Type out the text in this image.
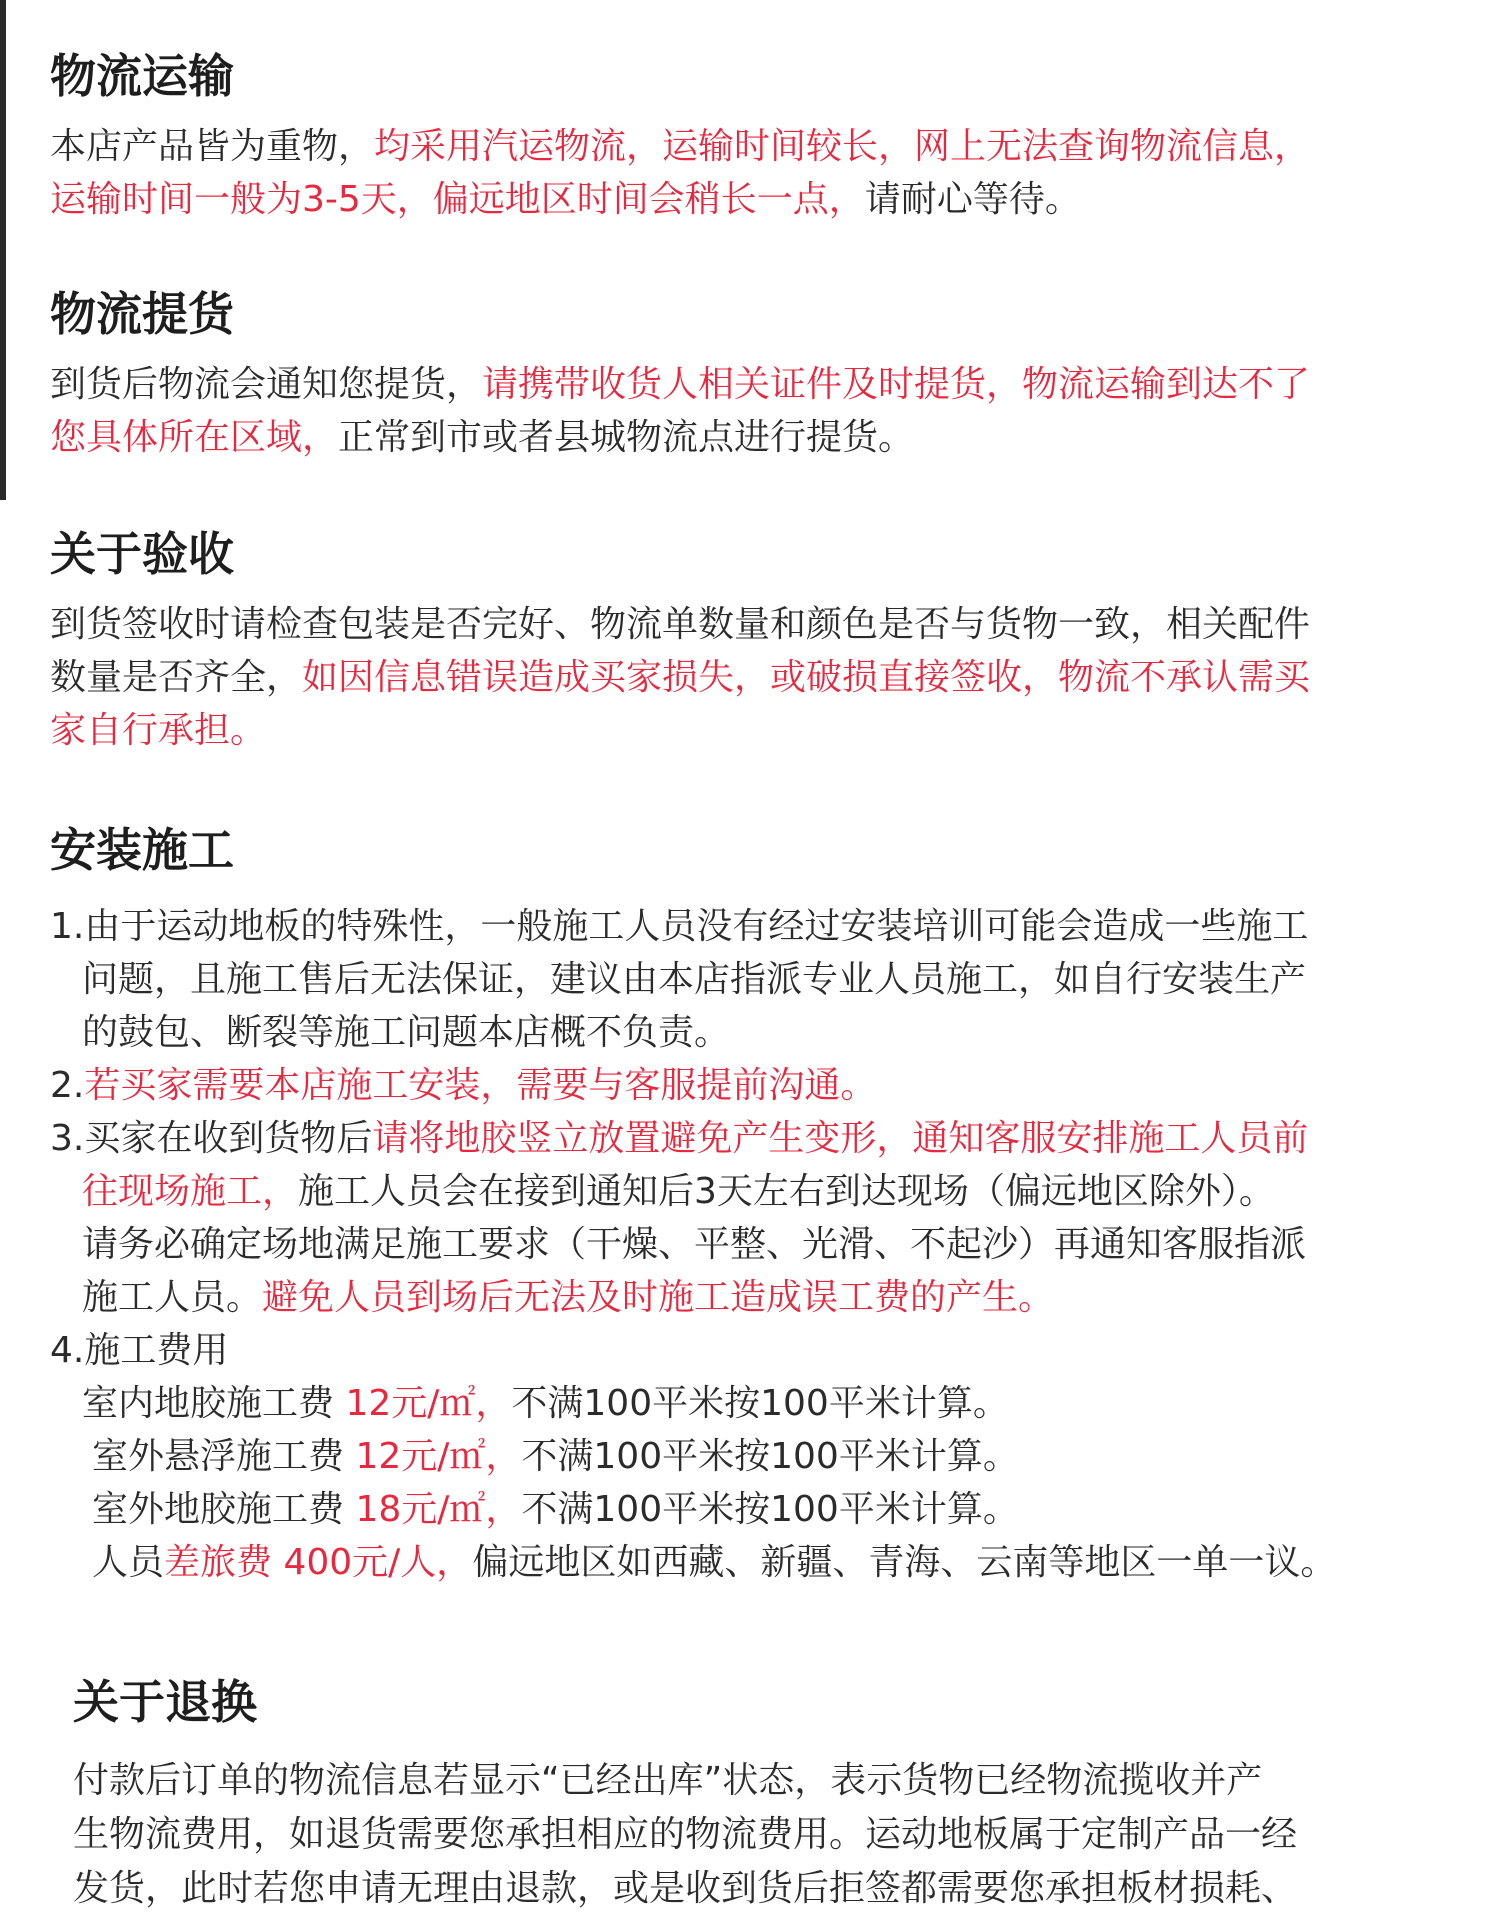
物流运输

本店产品皆为重物，均采用汽运物流，运输时间较长，网上无法查询物流信息，

运输时间一般为3-5天，偏远地区时间会稍长一点，请耐心等待。

物流提货

到货后物流会通知您提货，请携带收货人相关证件及时提货，物流运输到达不了

您具体所在区域，正常到市或者县城物流点进行提货。

关于验收

到货签收时请检查包装是否完好、物流单数量和颜色是否与货物一致，相关配件

数量是否齐全，如因信息错误造成买家损失，或破损直接签收，物流不承认需买

家自行承担。

安装施工

1.由于运动地板的特殊性，一般施工人员没有经过安装培训可能会造成一些施工

问题，且施工售后无法保证，建议由本店指派专业人员施工，如自行安装生产

的鼓包、断裂等施工问题本店概不负责。

2.若买家需要本店施工安装，需要与客服提前沟通。

3.买家在收到货物后请将地胶竖立放置避免产生变形，通知客服安排施工人员前

往现场施工，施工人员会在接到通知后3天左右到达现场（偏远地区除外）。

请务必确定场地满足施工要求（干燥、平整、光滑、不起沙）再通知客服指派

施工人员。避免人员到场后无法及时施工造成误工费的产生。

4.施工费用

室内地胶施工费 12元/㎡，不满100平米按100平米计算。

室外悬浮施工费 12元/㎡，不满100平米按100平米计算。

室外地胶施工费 18元/㎡，不满100平米按100平米计算。

人员差旅费 400元/人，偏远地区如西藏、新疆、青海、云南等地区一单一议。

关于退换

付款后订单的物流信息若显示“已经出库”状态，表示货物已经物流揽收并产

生物流费用，如退货需要您承担相应的物流费用。运动地板属于定制产品一经

发货，此时若您申请无理由退款，或是收到货后拒签都需要您承担板材损耗、
